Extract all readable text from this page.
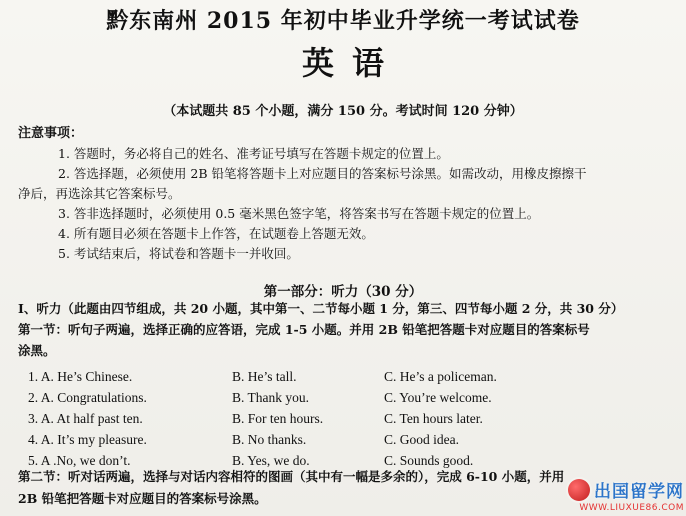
黔东南州 2015 年初中毕业升学统一考试试卷
英语
（本试题共 85 个小题，满分 150 分。考试时间 120 分钟）
注意事项：
1. 答题时，务必将自己的姓名、准考证号填写在答题卡规定的位置上。
2. 答选择题，必须使用 2B 铅笔将答题卡上对应题目的答案标号涂黑。如需改动，用橡皮擦擦干
净后，再选涂其它答案标号。
3. 答非选择题时，必须使用 0.5 毫米黑色签字笔，将答案书写在答题卡规定的位置上。
4. 所有题目必须在答题卡上作答，在试题卷上答题无效。
5. 考试结束后，将试卷和答题卡一并收回。
第一部分：听力（30 分）
I、听力（此题由四节组成，共 20 小题，其中第一、二节每小题 1 分，第三、四节每小题 2 分，共 30 分）
第一节：听句子两遍，选择正确的应答语，完成 1-5 小题。并用 2B 铅笔把答题卡对应题目的答案标号
涂黑。
1. A. He’s Chinese.	B. He’s tall.	C. He’s a policeman.
2. A. Congratulations.	B. Thank you.	C. You’re welcome.
3. A. At half past ten.	B. For ten hours.	C. Ten hours later.
4. A. It’s my pleasure.	B. No thanks.	C. Good idea.
5. A .No, we don’t.	B. Yes, we do.	C. Sounds good.
第二节：听对话两遍，选择与对话内容相符的图画（其中有一幅是多余的），完成 6-10 小题，并用
2B 铅笔把答题卡对应题目的答案标号涂黑。	出国留学网
WWW.LIUXUE86.COM
